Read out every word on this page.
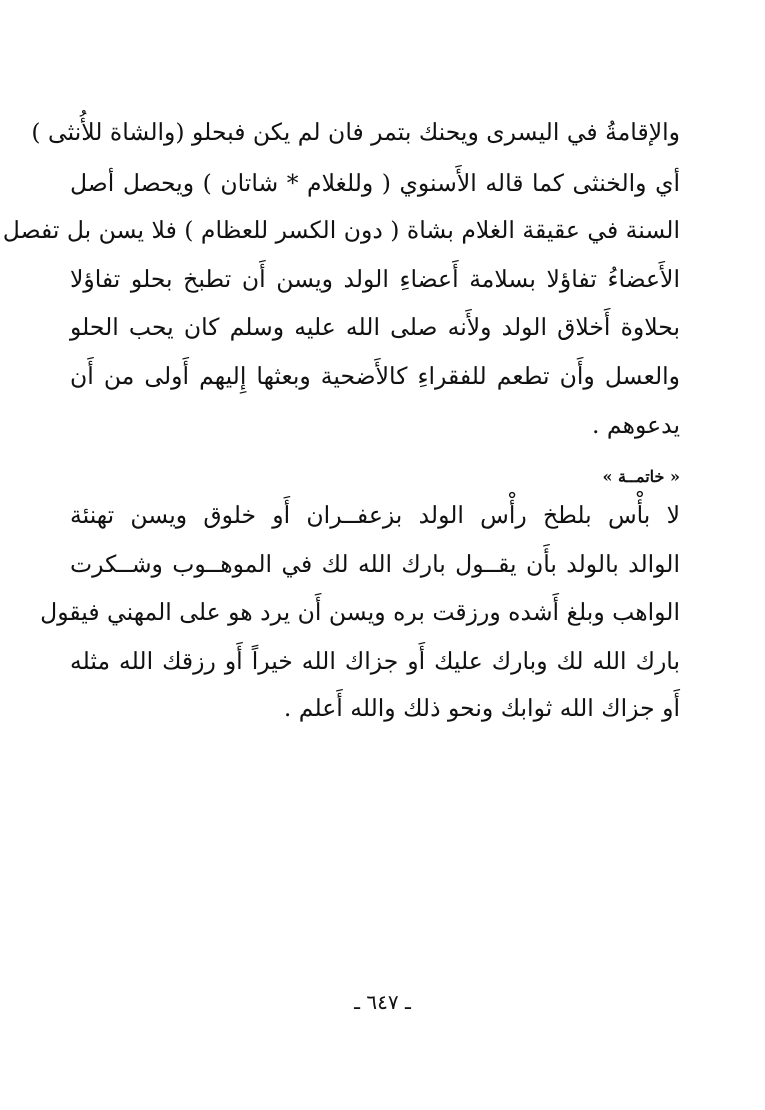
والإقامةُ في اليسرى ويحنك بتمر فان لم يكن فبحلو (والشاة للأُنثى )
أي والخنثى كما قاله الأَسنوي ( وللغلام * شاتان ) ويحصل أصل
السنة في عقيقة الغلام بشاة ( دون الكسر للعظام ) فلا يسن بل تفصل
الأَعضاءُ تفاؤلا بسلامة أَعضاءِ الولد ويسن أَن تطبخ بحلو تفاؤلا
بحلاوة أَخلاق الولد ولأَنه صلى الله عليه وسلم كان يحب الحلو
والعسل وأَن تطعم للفقراءِ كالأَضحية وبعثها إِليهم أَولى من أَن
يدعوهم .
« خاتمــة »
لا بأْس بلطخ رأْس الولد بزعفــران أَو خلوق ويسن تهنئة
الوالد بالولد بأَن يقــول بارك الله لك في الموهــوب وشــكرت
الواهب وبلغ أَشده ورزقت بره ويسن أَن يرد هو على المهني فيقول
بارك الله لك وبارك عليك أَو جزاك الله خيراً أَو رزقك الله مثله
أَو جزاك الله ثوابك ونحو ذلك والله أَعلم .
ـ ٦٤٧ ـ
